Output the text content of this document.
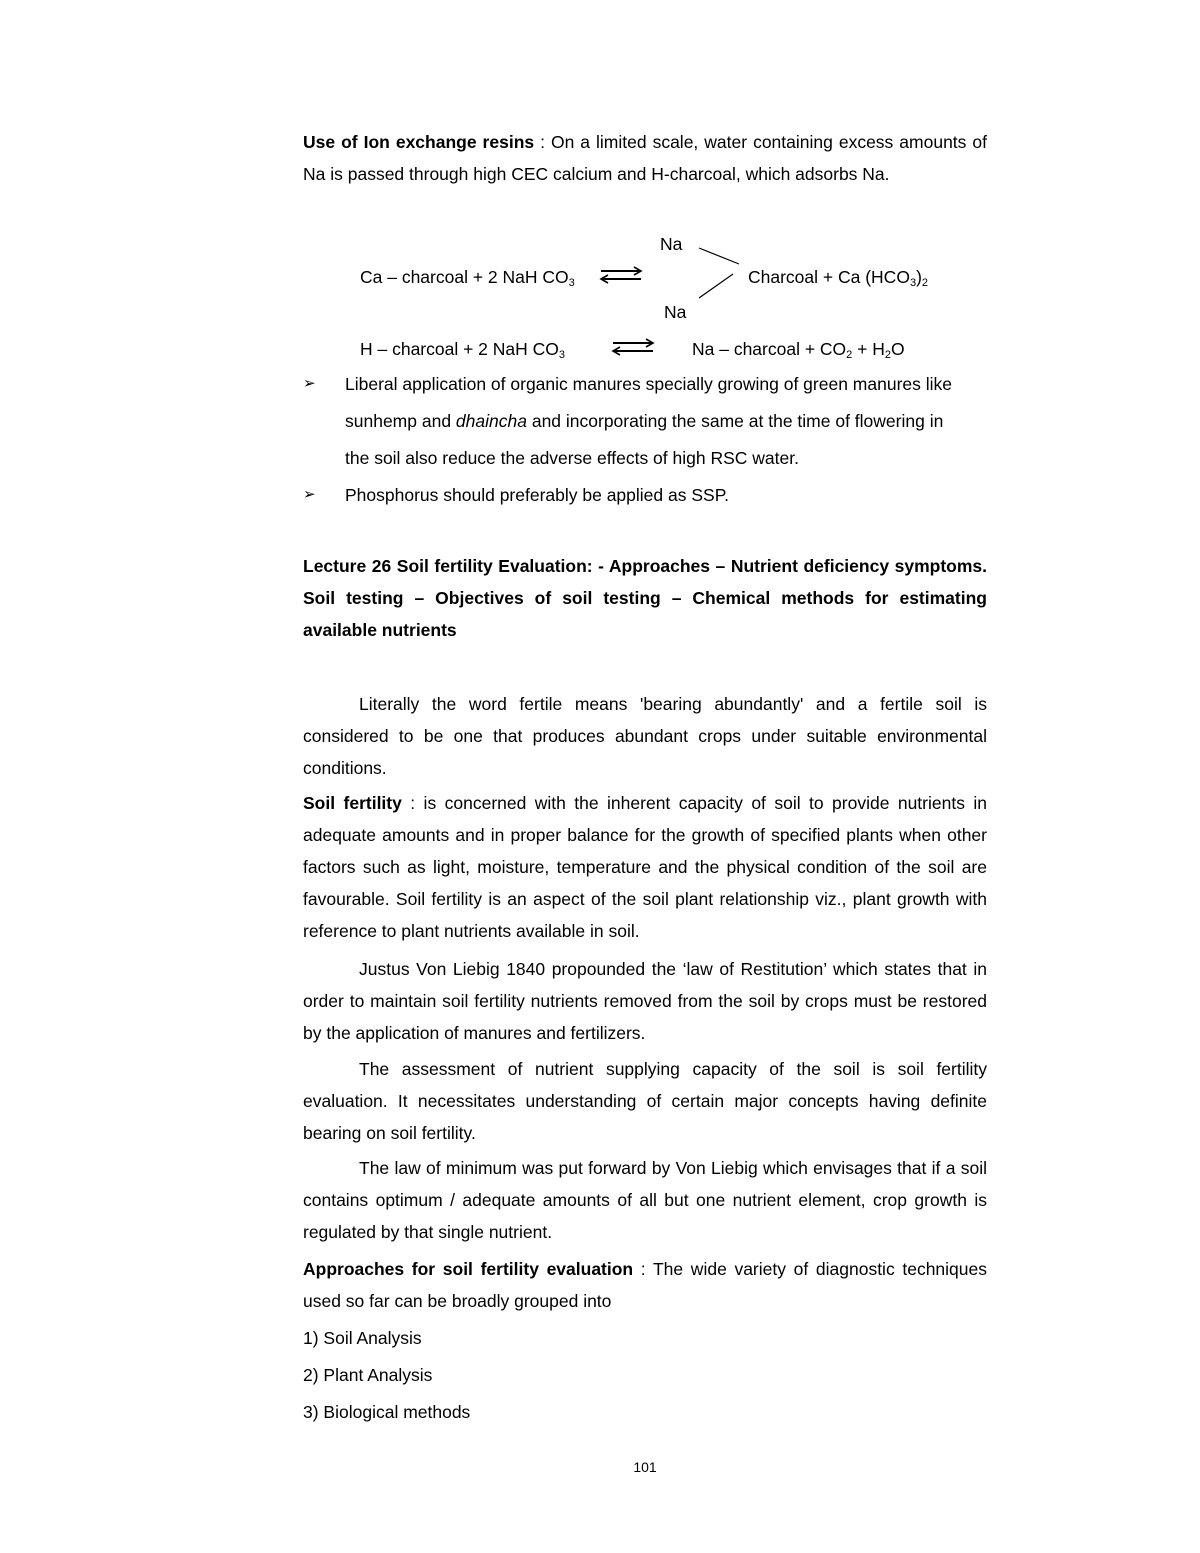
Use of Ion exchange resins : On a limited scale, water containing excess amounts of Na is passed through high CEC calcium and H-charcoal, which adsorbs Na.

Na
Ca – charcoal + 2 NaH $CO_3$ ⇌	Charcoal + Ca $(HCO_3)_2$
Na
H – charcoal + 2 NaH $CO_3$	Na – charcoal + $CO_2 + H_2O$
➢ Liberal application of organic manures specially growing of green manures like sunhemp and dhaincha and incorporating the same at the time of flowering in the soil also reduce the adverse effects of high RSC water.

➢ Phosphorus should preferably be applied as SSP.

Lecture 26 Soil fertility Evaluation: - Approaches – Nutrient deficiency symptoms. Soil testing – Objectives of soil testing – Chemical methods for estimating available nutrients

Literally the word fertile means 'bearing abundantly' and a fertile soil is considered to be one that produces abundant crops under suitable environmental conditions.

Soil fertility : is concerned with the inherent capacity of soil to provide nutrients in adequate amounts and in proper balance for the growth of specified plants when other factors such as light, moisture, temperature and the physical condition of the soil are favourable. Soil fertility is an aspect of the soil plant relationship viz., plant growth with reference to plant nutrients available in soil.

Justus Von Liebig 1840 propounded the ‘law of Restitution’ which states that in order to maintain soil fertility nutrients removed from the soil by crops must be restored by the application of manures and fertilizers.

The assessment of nutrient supplying capacity of the soil is soil fertility evaluation. It necessitates understanding of certain major concepts having definite bearing on soil fertility.

The law of minimum was put forward by Von Liebig which envisages that if a soil contains optimum / adequate amounts of all but one nutrient element, crop growth is regulated by that single nutrient.

Approaches for soil fertility evaluation : The wide variety of diagnostic techniques used so far can be broadly grouped into

1) Soil Analysis

2) Plant Analysis

3) Biological methods

101
